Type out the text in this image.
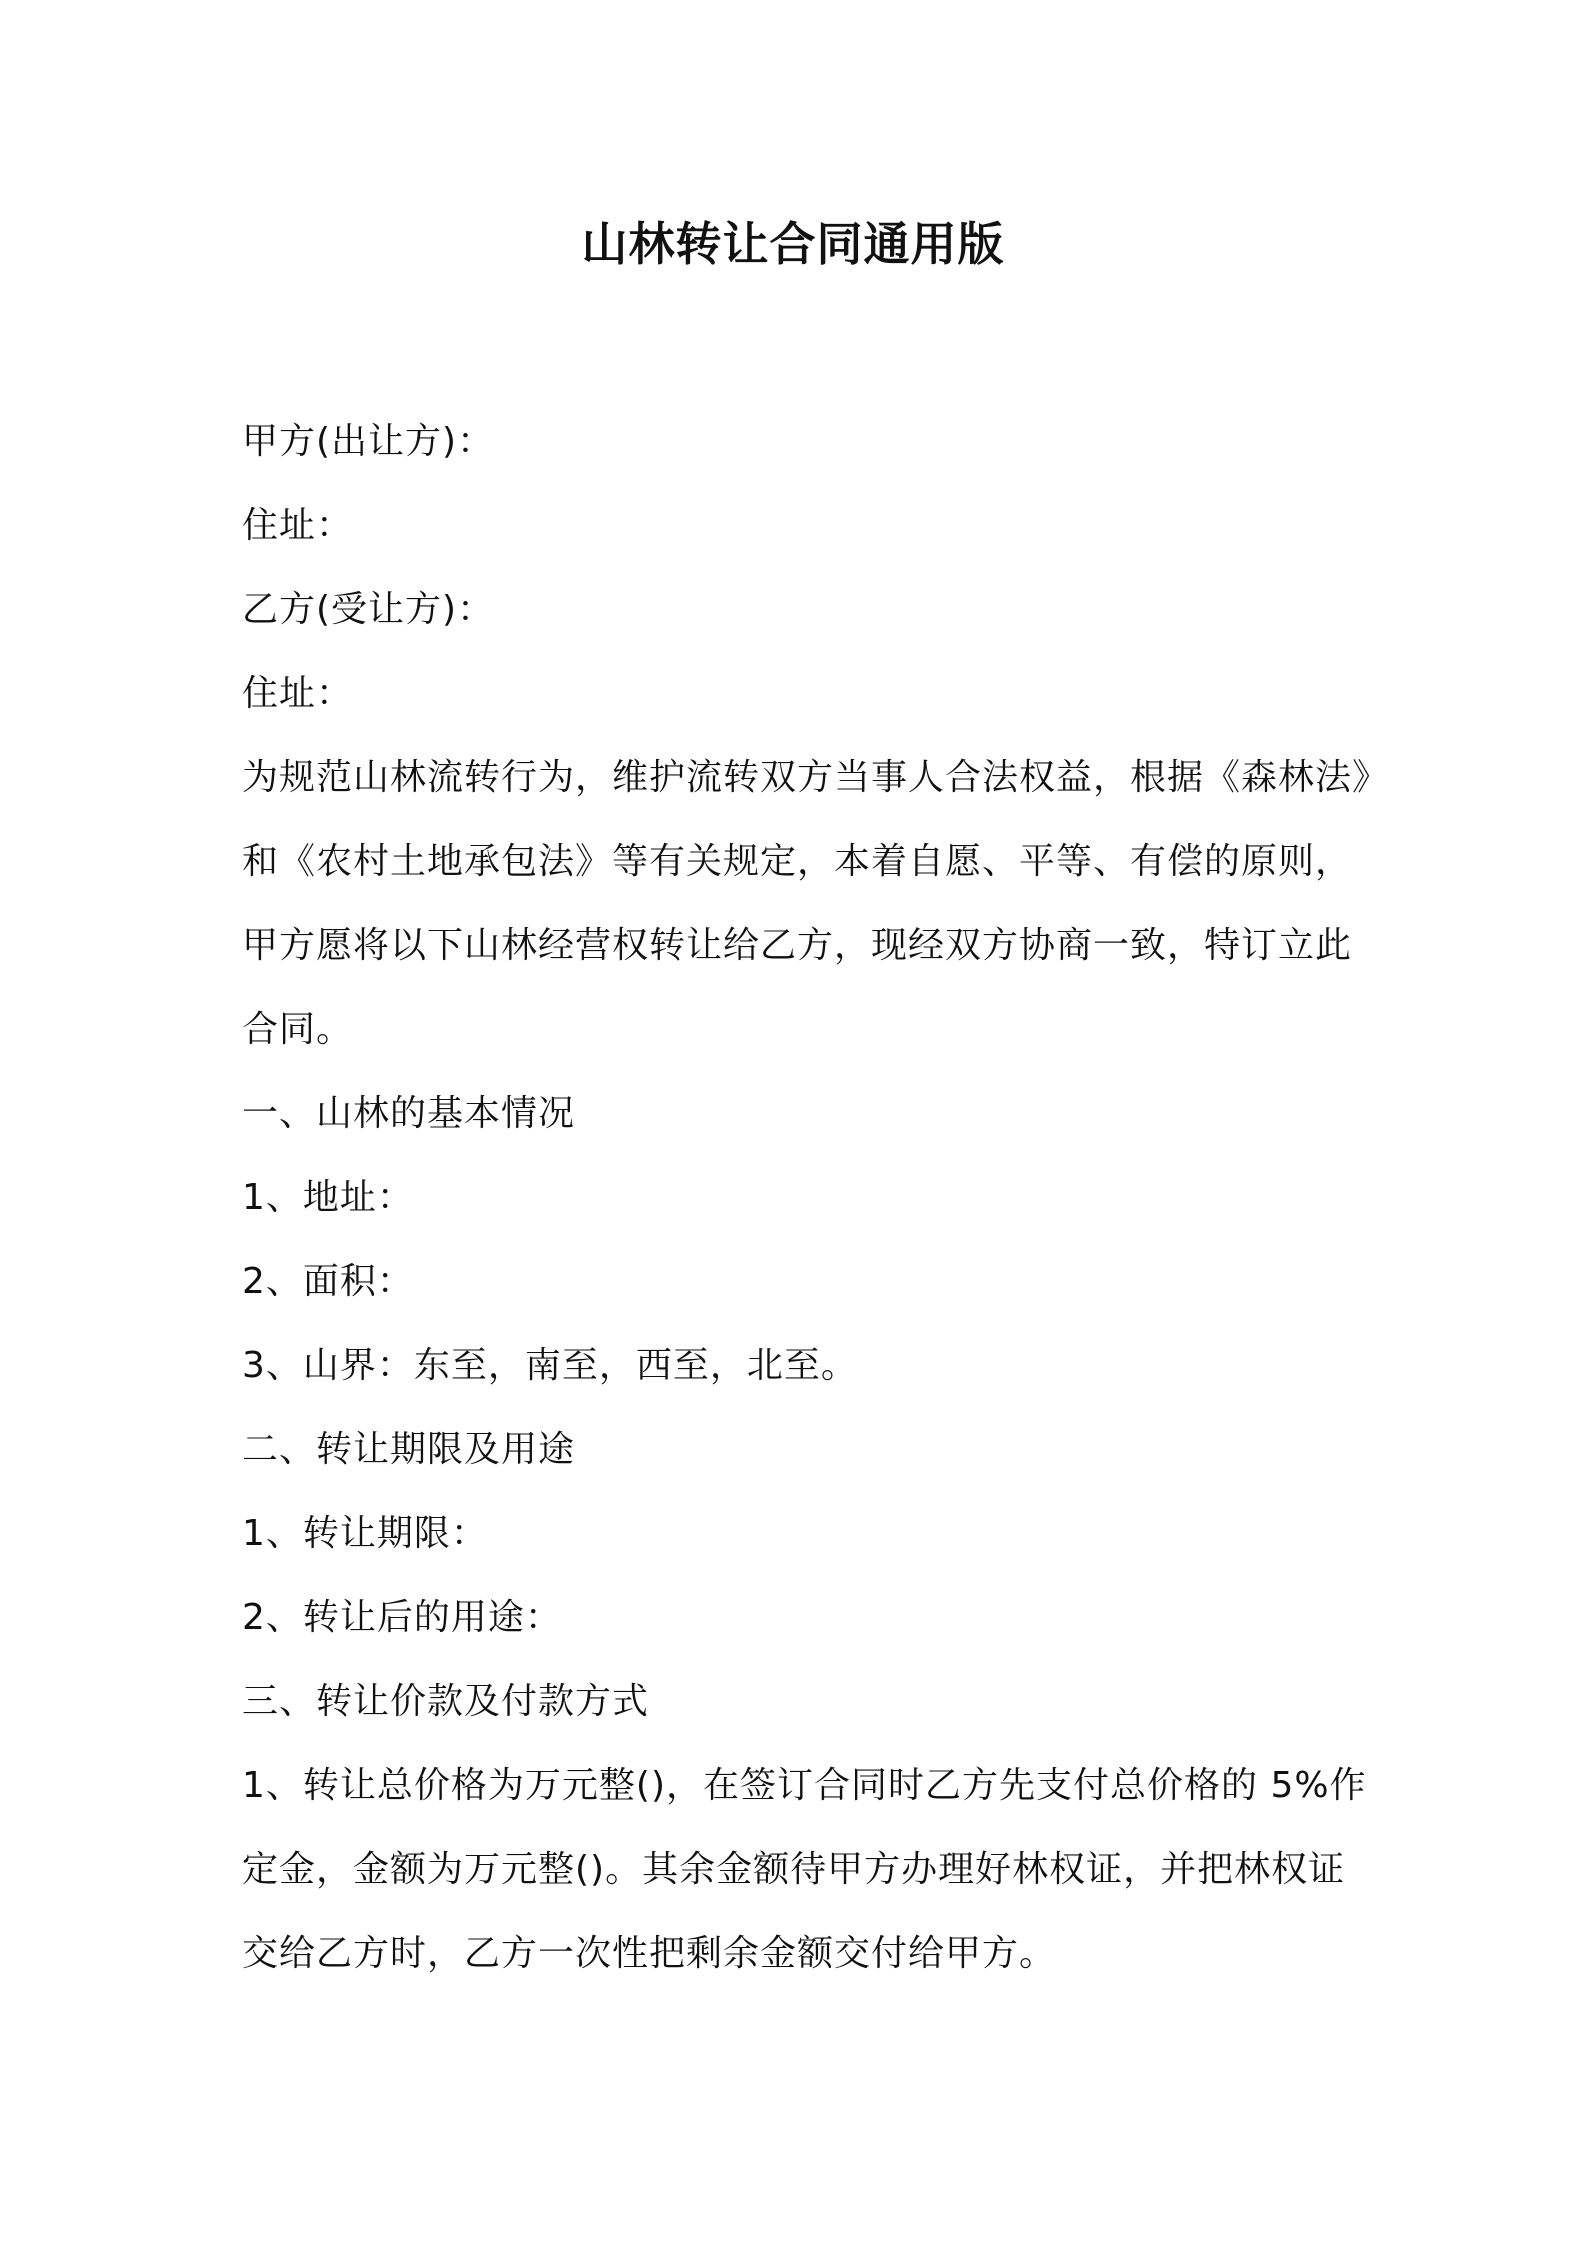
山林转让合同通用版
甲方(出让方)：
住址：
乙方(受让方)：
住址：
为规范山林流转行为，维护流转双方当事人合法权益，根据《森林法》
和《农村土地承包法》等有关规定，本着自愿、平等、有偿的原则，
甲方愿将以下山林经营权转让给乙方，现经双方协商一致，特订立此
合同。
一、山林的基本情况
1、地址：
2、面积：
3、山界：东至，南至，西至，北至。
二、转让期限及用途
1、转让期限：
2、转让后的用途：
三、转让价款及付款方式
1、转让总价格为万元整()，在签订合同时乙方先支付总价格的 5%作
定金，金额为万元整()。其余金额待甲方办理好林权证，并把林权证
交给乙方时，乙方一次性把剩余金额交付给甲方。
